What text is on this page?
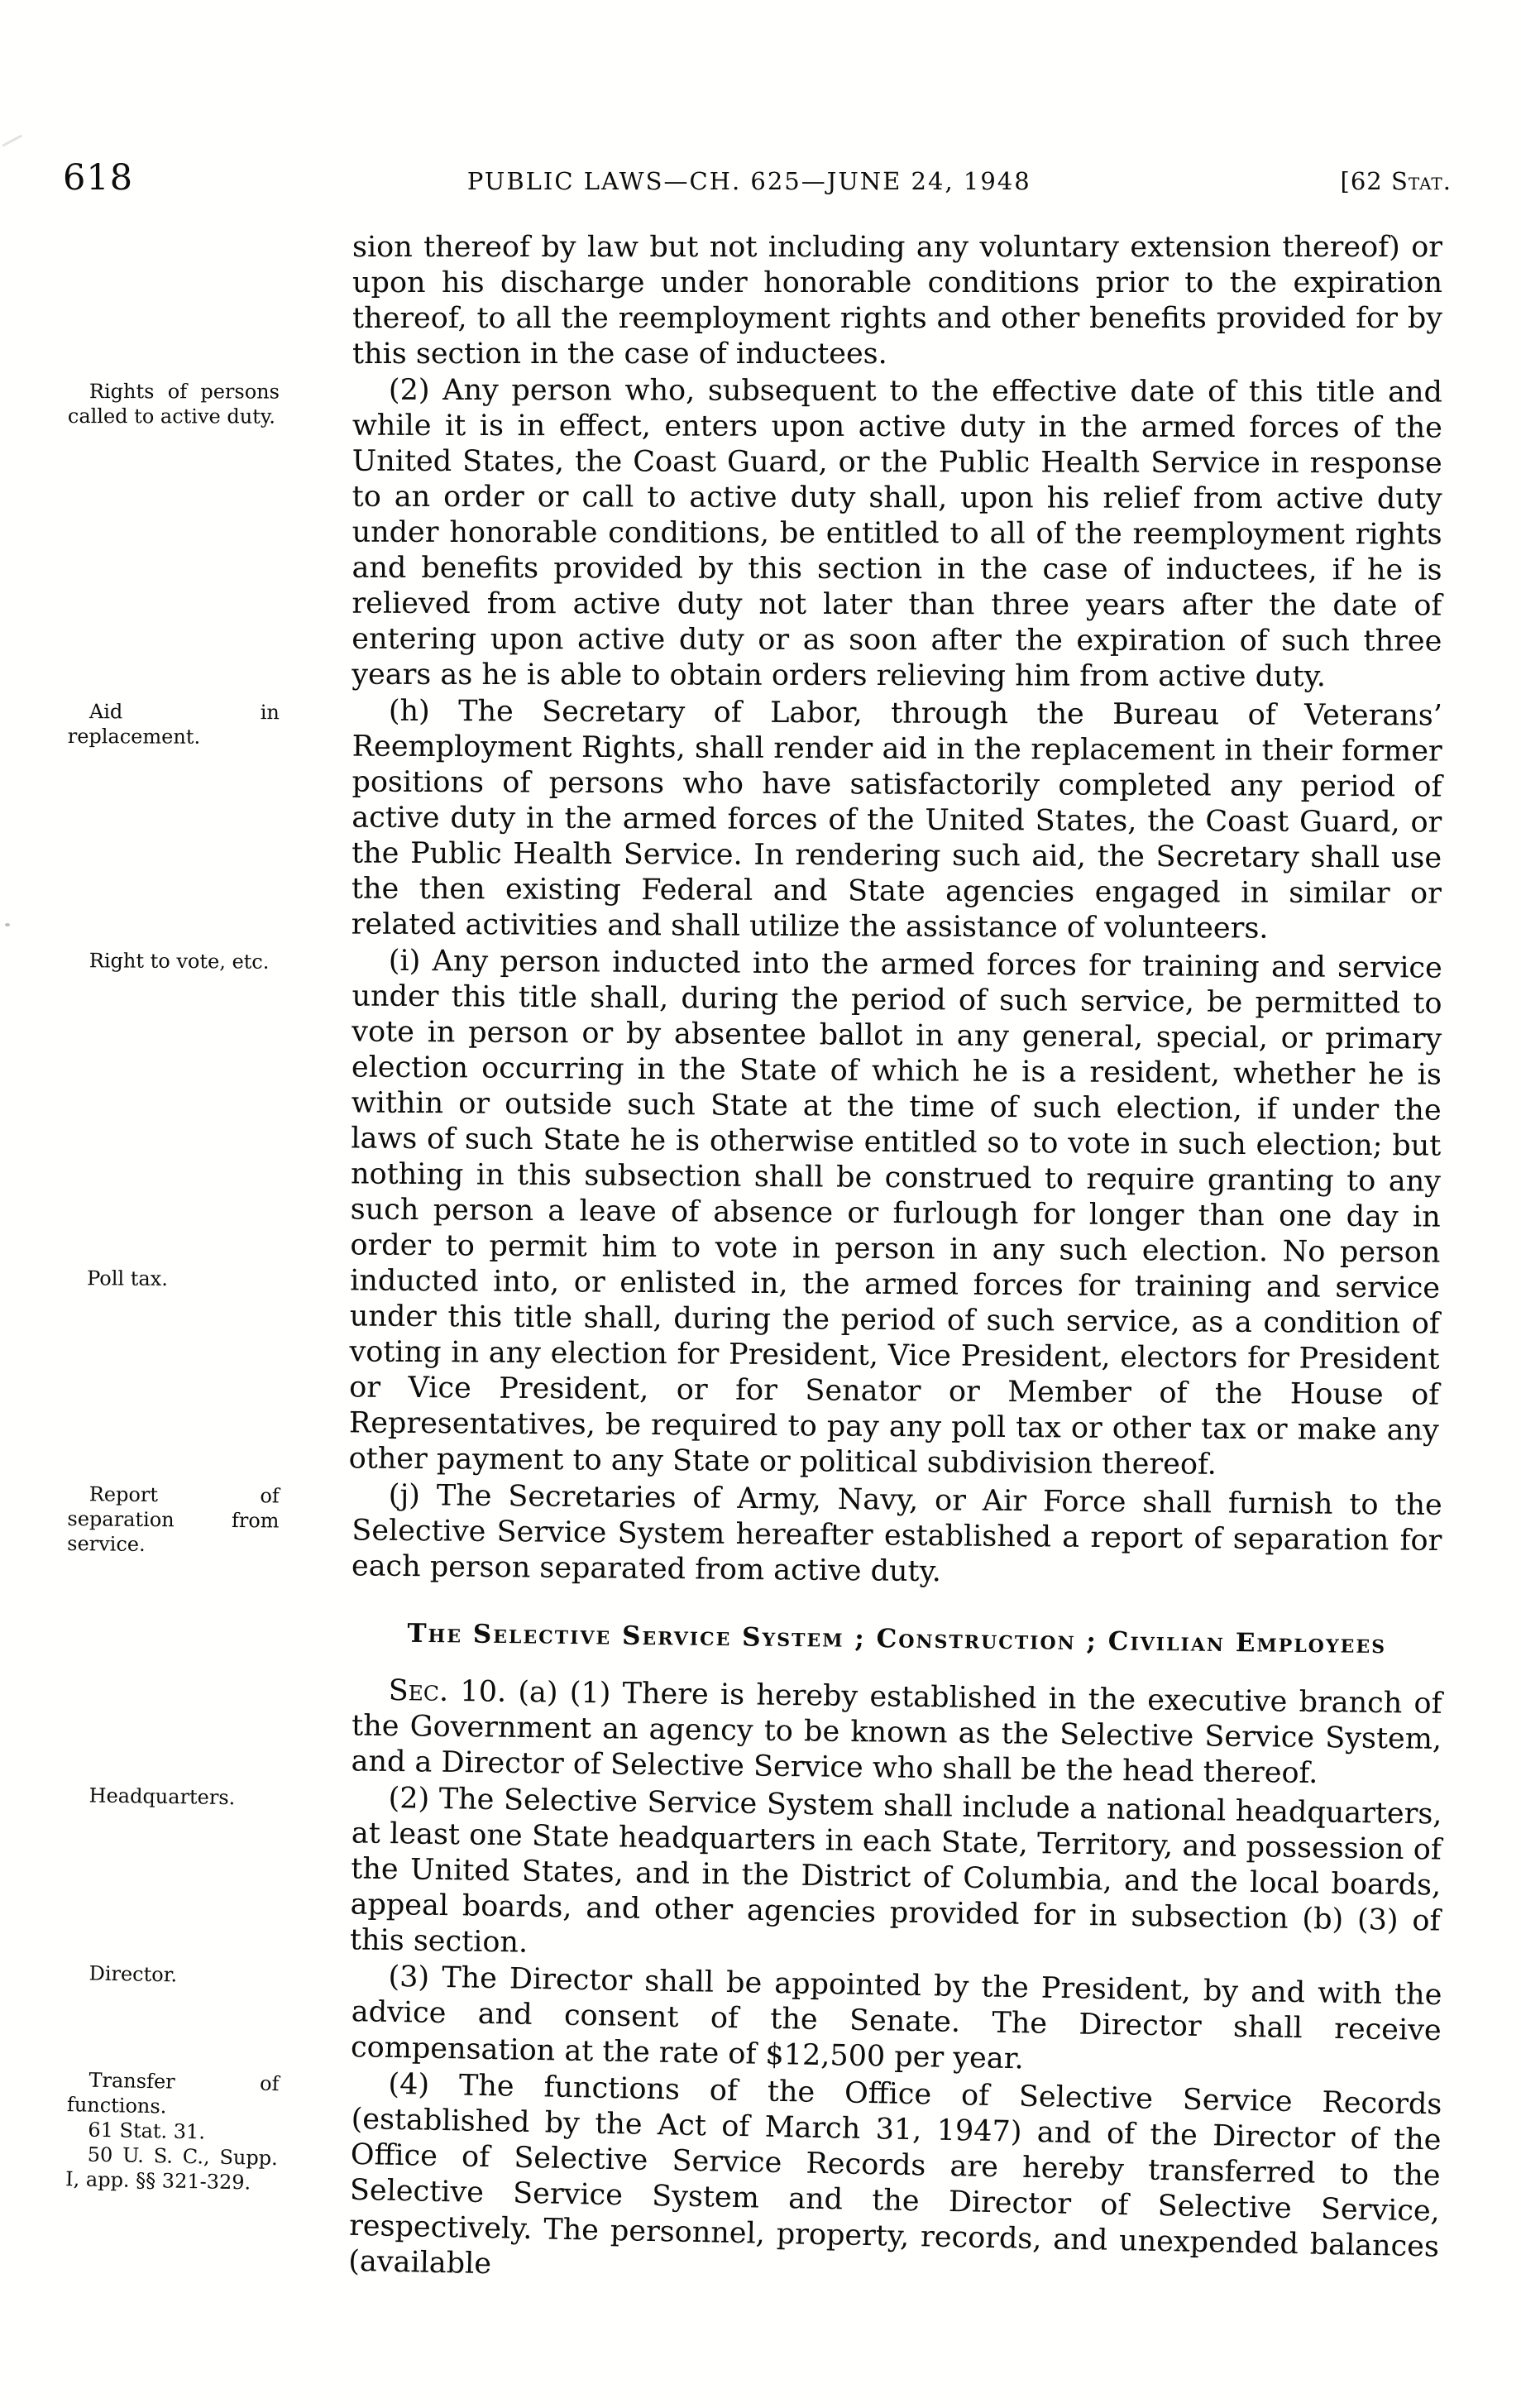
618	PUBLIC LAWS—CH. 625—JUNE 24, 1948	[62 Stat.

sion thereof by law but not including any voluntary extension thereof) or upon his discharge under honorable conditions prior to the expiration thereof, to all the reemployment rights and other benefits provided for by this section in the case of inductees.

Rights of persons called to active duty.

(2) Any person who, subsequent to the effective date of this title and while it is in effect, enters upon active duty in the armed forces of the United States, the Coast Guard, or the Public Health Service in response to an order or call to active duty shall, upon his relief from active duty under honorable conditions, be entitled to all of the reemployment rights and benefits provided by this section in the case of inductees, if he is relieved from active duty not later than three years after the date of entering upon active duty or as soon after the expiration of such three years as he is able to obtain orders relieving him from active duty.

Aid in replacement.

(h) The Secretary of Labor, through the Bureau of Veterans’ Reemployment Rights, shall render aid in the replacement in their former positions of persons who have satisfactorily completed any period of active duty in the armed forces of the United States, the Coast Guard, or the Public Health Service. In rendering such aid, the Secretary shall use the then existing Federal and State agencies engaged in similar or related activities and shall utilize the assistance of volunteers.

Right to vote, etc.

Poll tax.

(i) Any person inducted into the armed forces for training and service under this title shall, during the period of such service, be permitted to vote in person or by absentee ballot in any general, special, or primary election occurring in the State of which he is a resident, whether he is within or outside such State at the time of such election, if under the laws of such State he is otherwise entitled so to vote in such election; but nothing in this subsection shall be construed to require granting to any such person a leave of absence or furlough for longer than one day in order to permit him to vote in person in any such election. No person inducted into, or enlisted in, the armed forces for training and service under this title shall, during the period of such service, as a condition of voting in any election for President, Vice President, electors for President or Vice President, or for Senator or Member of the House of Representatives, be required to pay any poll tax or other tax or make any other payment to any State or political subdivision thereof.

Report of separation from service.

(j) The Secretaries of Army, Navy, or Air Force shall furnish to the Selective Service System hereafter established a report of separation for each person separated from active duty.

The Selective Service System ; Construction ; Civilian Employees

Sec. 10. (a) (1) There is hereby established in the executive branch of the Government an agency to be known as the Selective Service System, and a Director of Selective Service who shall be the head thereof.

Headquarters.	(2) The Selective Service System shall include a national headquarters, at least one State headquarters in each State, Territory, and possession of the United States, and in the District of Columbia, and the local boards, appeal boards, and other agencies provided for in subsection (b) (3) of this section.

Director.	(3) The Director shall be appointed by the President, by and with the advice and consent of the Senate. The Director shall receive compensation at the rate of $12,500 per year.

Transfer of functions.

61 Stat. 31.

50 U. S. C., Supp. I, app. §§ 321-329.

(4) The functions of the Office of Selective Service Records (established by the Act of March 31, 1947) and of the Director of the Office of Selective Service Records are hereby transferred to the Selective Service System and the Director of Selective Service, respectively. The personnel, property, records, and unexpended balances (available
